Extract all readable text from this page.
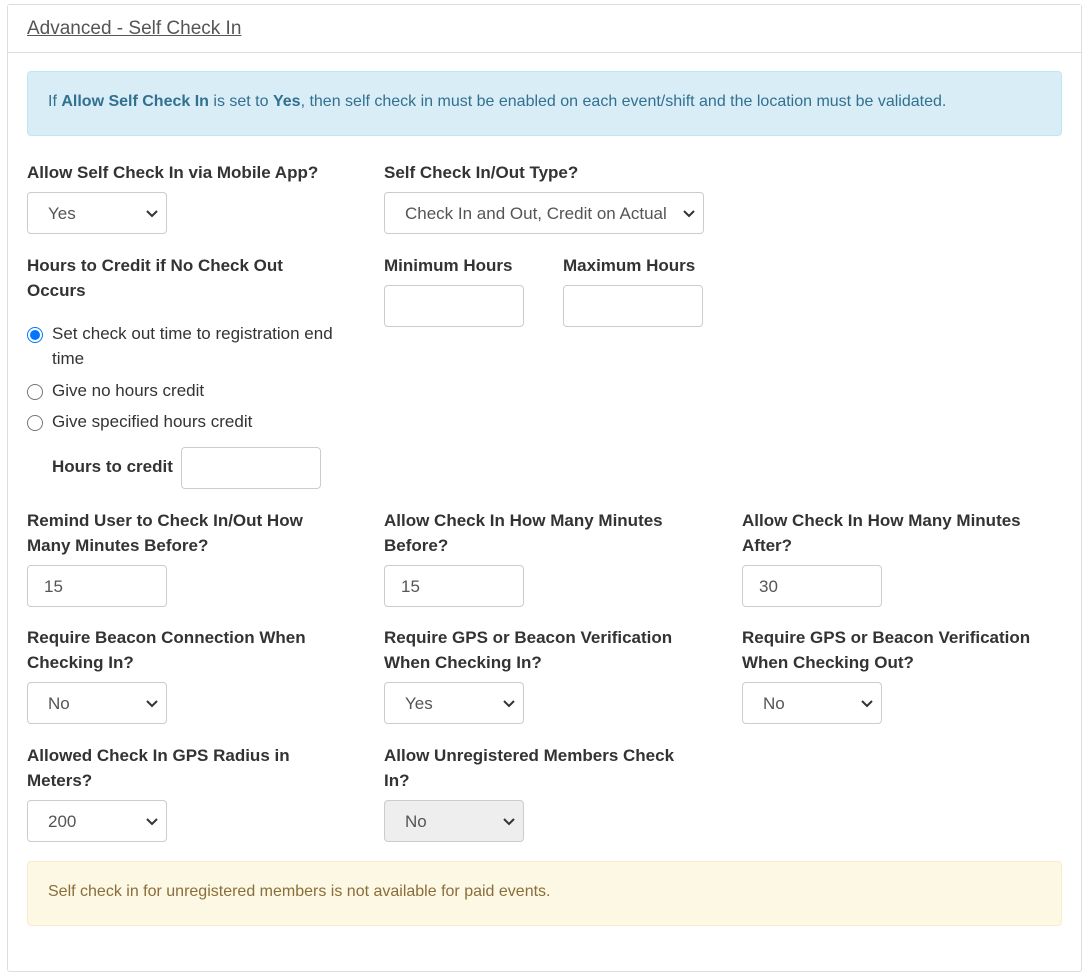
Advanced - Self Check In
If Allow Self Check In is set to Yes, then self check in must be enabled on each event/shift and the location must be validated.
Allow Self Check In via Mobile App?
Yes
Self Check In/Out Type?
Check In and Out, Credit on Actual
Hours to Credit if No Check Out
Occurs
Minimum Hours	Maximum Hours
Set check out time to registration end
time
Give no hours credit
Give specified hours credit
Hours to credit
Remind User to Check In/Out How
Many Minutes Before?
15
Allow Check In How Many Minutes
Before?
15
Allow Check In How Many Minutes
After?
30
Require Beacon Connection When
Checking In?
No
Require GPS or Beacon Verification
When Checking In?
Yes
Require GPS or Beacon Verification
When Checking Out?
No
Allowed Check In GPS Radius in
Meters?
200
Allow Unregistered Members Check
In?
No
Self check in for unregistered members is not available for paid events.
